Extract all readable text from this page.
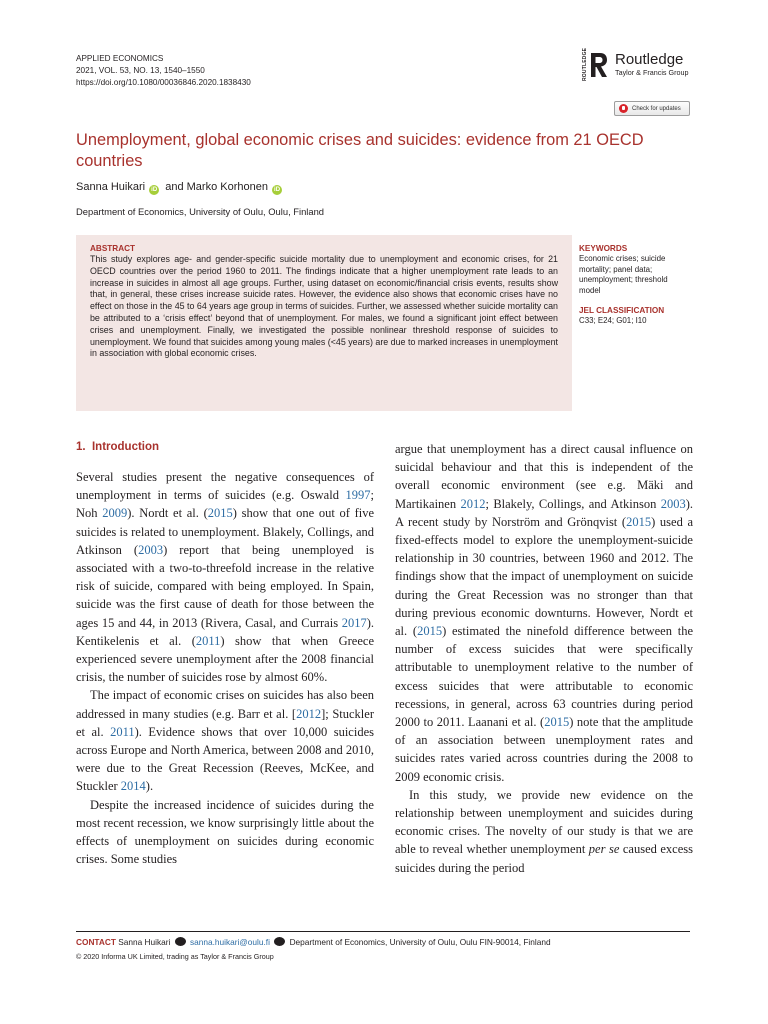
APPLIED ECONOMICS
2021, VOL. 53, NO. 13, 1540–1550
https://doi.org/10.1080/00036846.2020.1838430
ROUTLEDGE Routledge
Taylor & Francis Group
Check for updates
Unemployment, global economic crises and suicides: evidence from 21 OECD countries
Sanna Huikari iD and Marko Korhonen iD
Department of Economics, University of Oulu, Oulu, Finland
ABSTRACT
This study explores age- and gender-specific suicide mortality due to unemployment and economic crises, for 21 OECD countries over the period 1960 to 2011. The findings indicate that a higher unemployment rate leads to an increase in suicides in almost all age groups. Further, using dataset on economic/financial crisis events, results show that, in general, these crises increase suicide rates. However, the evidence also shows that economic crises have no effect on those in the 45 to 64 years age group in terms of suicides. Further, we assessed whether suicide mortality can be attributed to a ‘crisis effect’ beyond that of unemployment. For males, we found a significant joint effect between crises and unemployment. Finally, we investigated the possible nonlinear threshold response of suicides to unemployment. We found that suicides among young males (<45 years) are due to marked increases in unemployment in association with global economic crises.
KEYWORDS
Economic crises; suicide mortality; panel data; unemployment; threshold model
JEL CLASSIFICATION
C33; E24; G01; I10
1. Introduction

Several studies present the negative consequences of unemployment in terms of suicides (e.g. Oswald 1997; Noh 2009). Nordt et al. (2015) show that one out of five suicides is related to unemployment. Blakely, Collings, and Atkinson (2003) report that being unemployed is associated with a two-to-threefold increase in the relative risk of suicide, compared with being employed. In Spain, suicide was the first cause of death for those between the ages 15 and 44, in 2013 (Rivera, Casal, and Currais 2017). Kentikelenis et al. (2011) show that when Greece experienced severe unemployment after the 2008 financial crisis, the number of suicides rose by almost 60%.

The impact of economic crises on suicides has also been addressed in many studies (e.g. Barr et al. [2012]; Stuckler et al. 2011). Evidence shows that over 10,000 suicides across Europe and North America, between 2008 and 2010, were due to the Great Recession (Reeves, McKee, and Stuckler 2014).

Despite the increased incidence of suicides during the most recent recession, we know surprisingly little about the effects of unemployment on suicides during economic crises. Some studies

argue that unemployment has a direct causal influence on suicidal behaviour and that this is independent of the overall economic environment (see e.g. Mäki and Martikainen 2012; Blakely, Collings, and Atkinson 2003). A recent study by Norström and Grönqvist (2015) used a fixed-effects model to explore the unemployment-suicide relationship in 30 countries, between 1960 and 2012. The findings show that the impact of unemployment on suicide during the Great Recession was no stronger than that during previous economic downturns. However, Nordt et al. (2015) estimated the ninefold difference between the number of excess suicides that were specifically attributable to unemployment relative to the number of excess suicides that were attributable to economic recessions, in general, across 63 countries during period 2000 to 2011. Laanani et al. (2015) note that the amplitude of an association between unemployment rates and suicides rates varied across countries during the 2008 to 2009 economic crisis.

In this study, we provide new evidence on the relationship between unemployment and suicides during economic crises. The novelty of our study is that we are able to reveal whether unemployment per se caused excess suicides during the period

CONTACT Sanna Huikari sanna.huikari@oulu.fi Department of Economics, University of Oulu, Oulu FIN-90014, Finland
© 2020 Informa UK Limited, trading as Taylor & Francis Group
